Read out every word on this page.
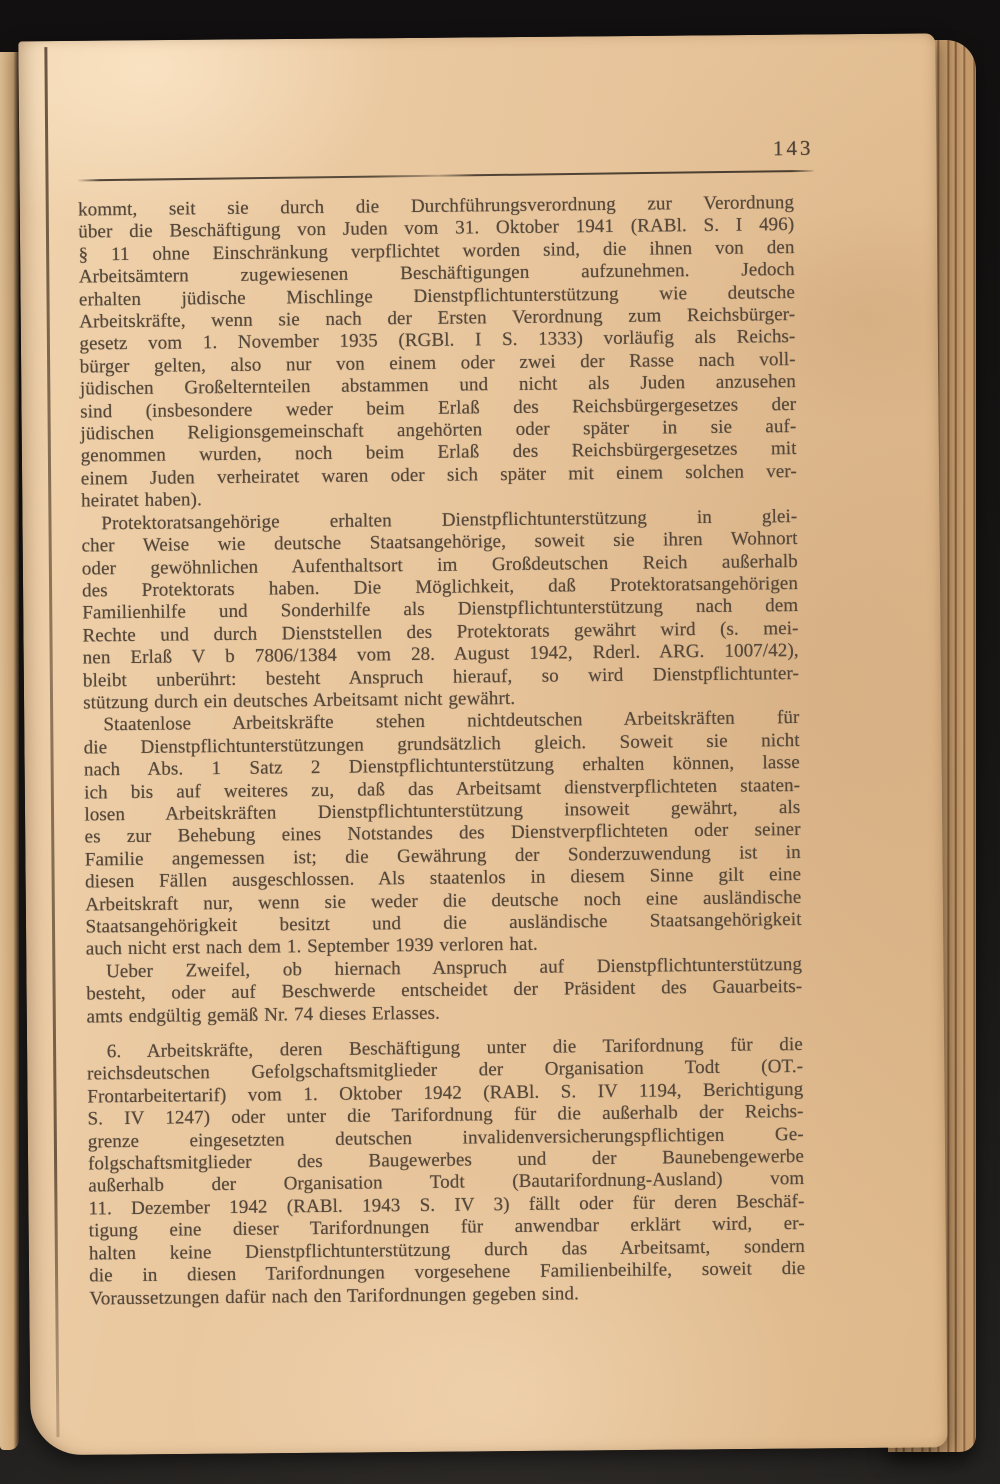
143

kommt, seit sie durch die Durchführungsverordnung zur Verordnung
über die Beschäftigung von Juden vom 31. Oktober 1941 (RABl. S. I 496)
§ 11 ohne Einschränkung verpflichtet worden sind, die ihnen von den
Arbeitsämtern zugewiesenen Beschäftigungen aufzunehmen. Jedoch
erhalten jüdische Mischlinge Dienstpflichtunterstützung wie deutsche
Arbeitskräfte, wenn sie nach der Ersten Verordnung zum Reichsbürger-
gesetz vom 1. November 1935 (RGBl. I S. 1333) vorläufig als Reichs-
bürger gelten, also nur von einem oder zwei der Rasse nach voll-
jüdischen Großelternteilen abstammen und nicht als Juden anzusehen
sind (insbesondere weder beim Erlaß des Reichsbürgergesetzes der
jüdischen Religionsgemeinschaft angehörten oder später in sie auf-
genommen wurden, noch beim Erlaß des Reichsbürgergesetzes mit
einem Juden verheiratet waren oder sich später mit einem solchen ver-
heiratet haben).

Protektoratsangehörige erhalten Dienstpflichtunterstützung in glei-
cher Weise wie deutsche Staatsangehörige, soweit sie ihren Wohnort
oder gewöhnlichen Aufenthaltsort im Großdeutschen Reich außerhalb
des Protektorats haben. Die Möglichkeit, daß Protektoratsangehörigen
Familienhilfe und Sonderhilfe als Dienstpflichtunterstützung nach dem
Rechte und durch Dienststellen des Protektorats gewährt wird (s. mei-
nen Erlaß V b 7806/1384 vom 28. August 1942, Rderl. ARG. 1007/42),
bleibt unberührt: besteht Anspruch hierauf, so wird Dienstpflichtunter-
stützung durch ein deutsches Arbeitsamt nicht gewährt.

Staatenlose Arbeitskräfte stehen nichtdeutschen Arbeitskräften für
die Dienstpflichtunterstützungen grundsätzlich gleich. Soweit sie nicht
nach Abs. 1 Satz 2 Dienstpflichtunterstützung erhalten können, lasse
ich bis auf weiteres zu, daß das Arbeitsamt dienstverpflichteten staaten-
losen Arbeitskräften Dienstpflichtunterstützung insoweit gewährt, als
es zur Behebung eines Notstandes des Dienstverpflichteten oder seiner
Familie angemessen ist; die Gewährung der Sonderzuwendung ist in
diesen Fällen ausgeschlossen. Als staatenlos in diesem Sinne gilt eine
Arbeitskraft nur, wenn sie weder die deutsche noch eine ausländische
Staatsangehörigkeit besitzt und die ausländische Staatsangehörigkeit
auch nicht erst nach dem 1. September 1939 verloren hat.

Ueber Zweifel, ob hiernach Anspruch auf Dienstpflichtunterstützung
besteht, oder auf Beschwerde entscheidet der Präsident des Gauarbeits-
amts endgültig gemäß Nr. 74 dieses Erlasses.

6. Arbeitskräfte, deren Beschäftigung unter die Tarifordnung für die
reichsdeutschen Gefolgschaftsmitglieder der Organisation Todt (OT.-
Frontarbeitertarif) vom 1. Oktober 1942 (RABl. S. IV 1194, Berichtigung
S. IV 1247) oder unter die Tarifordnung für die außerhalb der Reichs-
grenze eingesetzten deutschen invalidenversicherungspflichtigen Ge-
folgschaftsmitglieder des Baugewerbes und der Baunebengewerbe
außerhalb der Organisation Todt (Bautarifordnung-Ausland) vom
11. Dezember 1942 (RABl. 1943 S. IV 3) fällt oder für deren Beschäf-
tigung eine dieser Tarifordnungen für anwendbar erklärt wird, er-
halten keine Dienstpflichtunterstützung durch das Arbeitsamt, sondern
die in diesen Tarifordnungen vorgesehene Familienbeihilfe, soweit die
Voraussetzungen dafür nach den Tarifordnungen gegeben sind.
